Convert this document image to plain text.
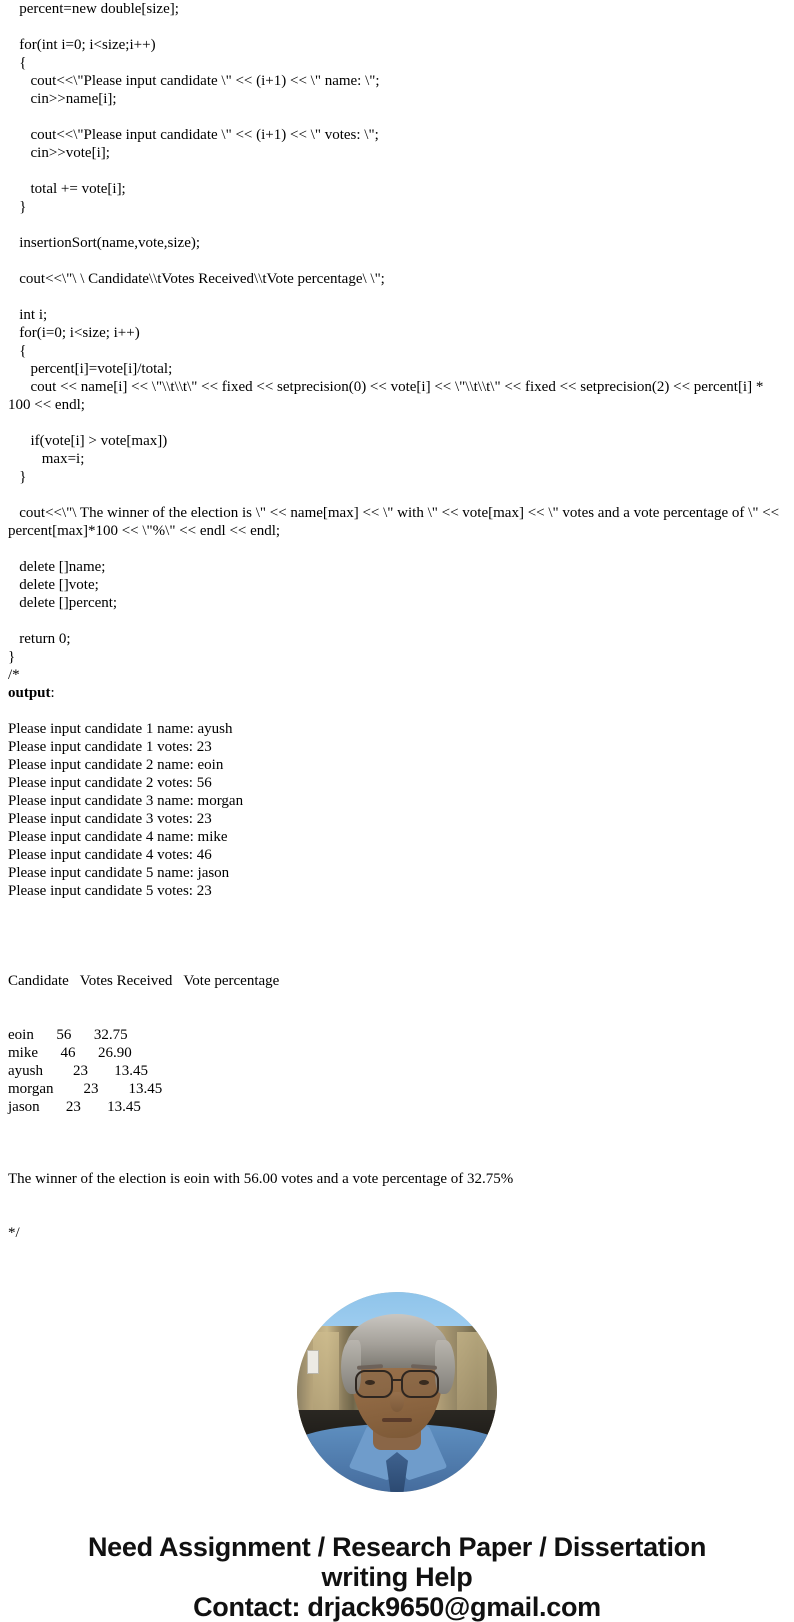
percent=new double[size];
for(int i=0; i<size;i++)
{
cout<<\"Please input candidate \" << (i+1) << \" name: \";
cin>>name[i];
cout<<\"Please input candidate \" << (i+1) << \" votes: \";
cin>>vote[i];
total += vote[i];
}
insertionSort(name,vote,size);
cout<<\"\ \ Candidate\\tVotes Received\\tVote percentage\ \";
int i;
for(i=0; i<size; i++)
{
percent[i]=vote[i]/total;
cout << name[i] << \"\\t\\t\" << fixed << setprecision(0) << vote[i] << \"\\t\\t\" << fixed << setprecision(2) << percent[i] * 100 << endl;
if(vote[i] > vote[max])
max=i;
}
cout<<\"\ The winner of the election is \" << name[max] << \" with \" << vote[max] << \" votes and a vote percentage of \" << percent[max]*100 << \"%\" << endl << endl;
delete []name;
delete []vote;
delete []percent;
return 0;
}
/*
output:
Please input candidate 1 name: ayush
Please input candidate 1 votes: 23
Please input candidate 2 name: eoin
Please input candidate 2 votes: 56
Please input candidate 3 name: morgan
Please input candidate 3 votes: 23
Please input candidate 4 name: mike
Please input candidate 4 votes: 46
Please input candidate 5 name: jason
Please input candidate 5 votes: 23

Candidate   Votes Received   Vote percentage

eoin      56      32.75
mike      46      26.90
ayush        23       13.45
morgan        23        13.45
jason       23       13.45

The winner of the election is eoin with 56.00 votes and a vote percentage of 32.75%
*/
Need Assignment / Research Paper / Dissertation
writing Help
Contact: drjack9650@gmail.com
